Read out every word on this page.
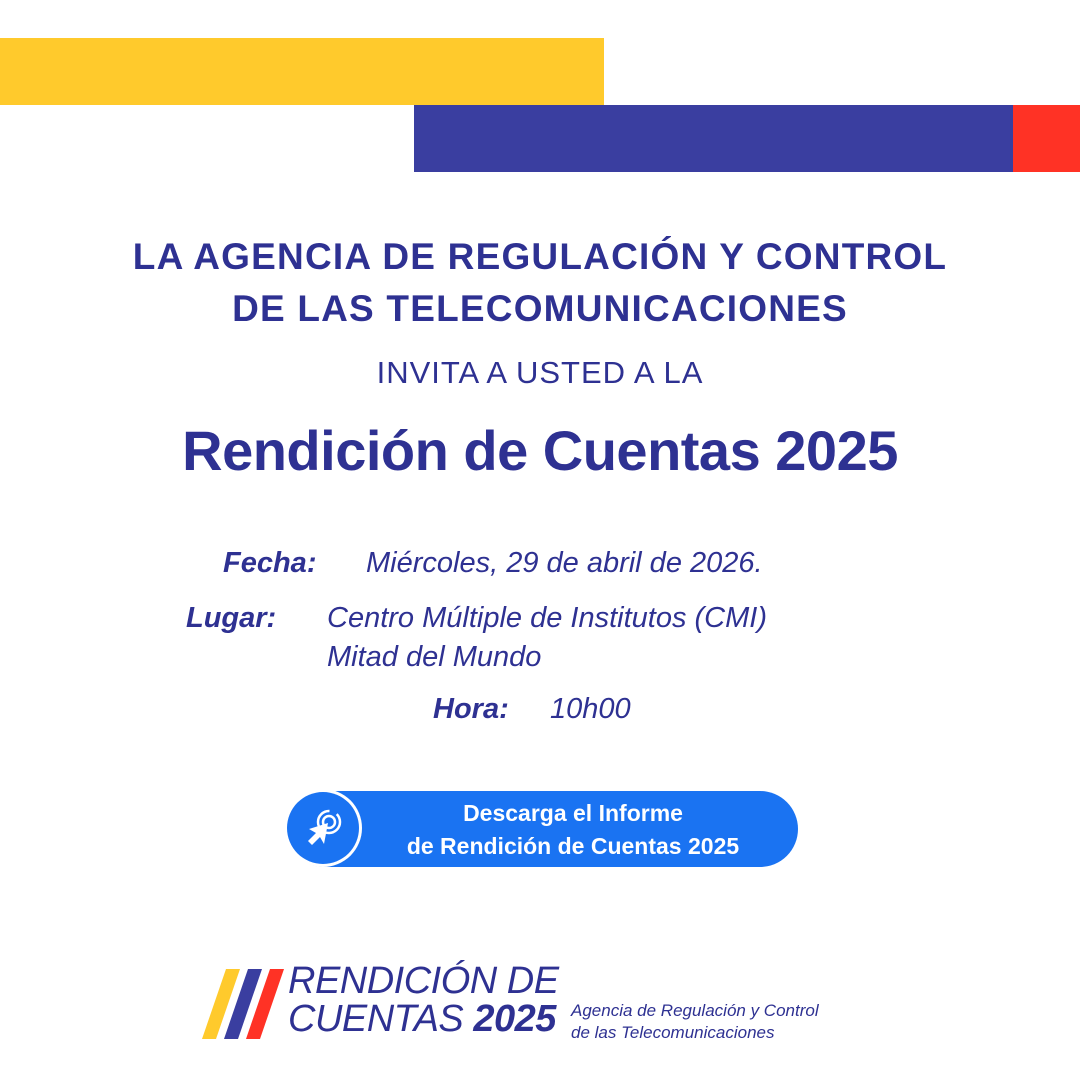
LA AGENCIA DE REGULACIÓN Y CONTROL
DE LAS TELECOMUNICACIONES
INVITA A USTED A LA
Rendición de Cuentas 2025
Fecha: Miércoles, 29 de abril de 2026.
Lugar: Centro Múltiple de Institutos (CMI)
Mitad del Mundo
Hora: 10h00
Descarga el Informe
de Rendición de Cuentas 2025
RENDICIÓN DE
CUENTAS 2025 Agencia de Regulación y Control
de las Telecomunicaciones
